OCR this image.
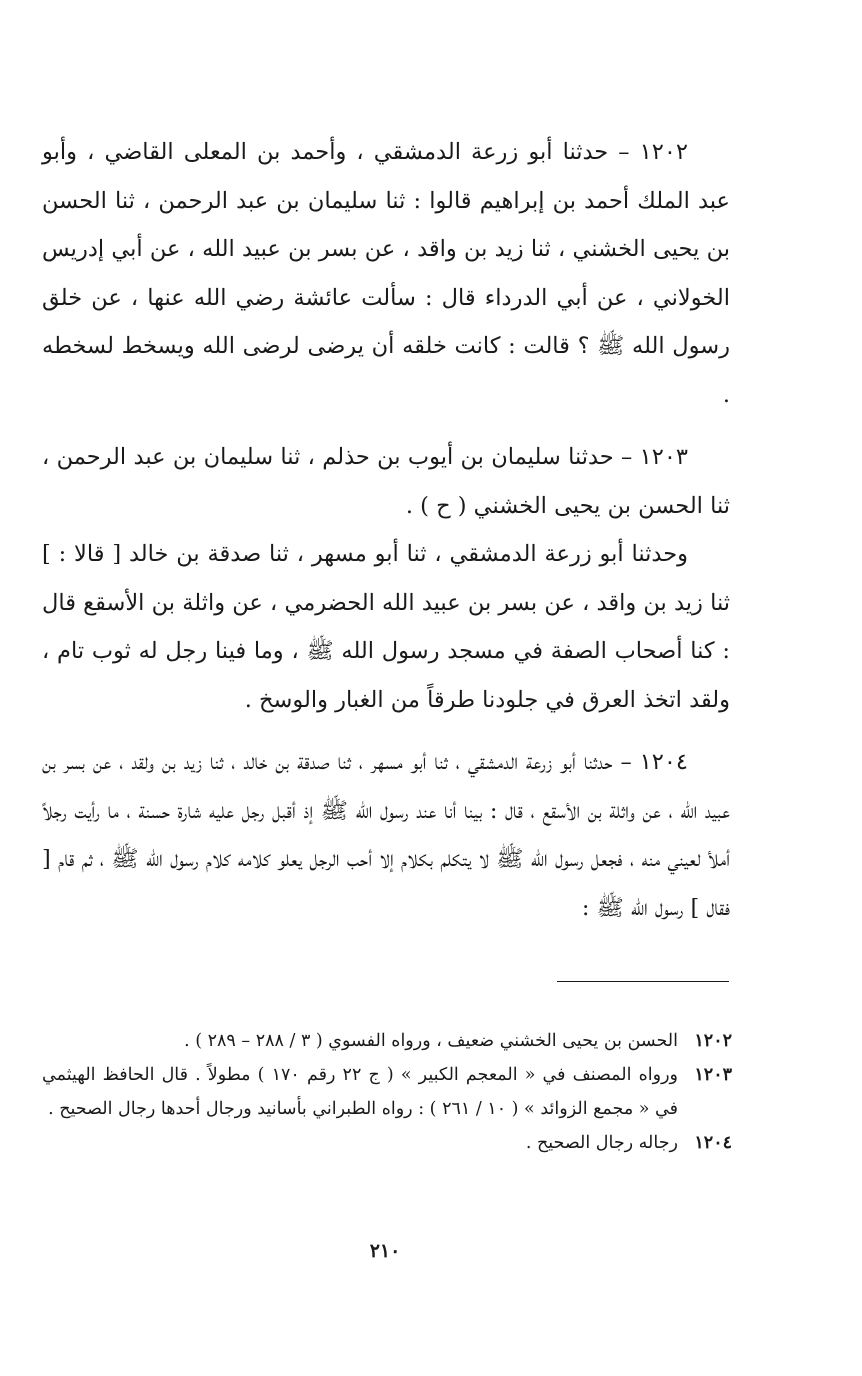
١٢٠٢ – حدثنا أبو زرعة الدمشقي ، وأحمد بن المعلى القاضي ، وأبو عبد الملك أحمد بن إبراهيم قالوا : ثنا سليمان بن عبد الرحمن ، ثنا الحسن بن يحيى الخشني ، ثنا زيد بن واقد ، عن بسر بن عبيد الله ، عن أبي إدريس الخولاني ، عن أبي الدرداء قال : سألت عائشة رضي الله عنها ، عن خلق رسول الله ﷺ ؟ قالت : كانت خلقه أن يرضى لرضى الله ويسخط لسخطه .

١٢٠٣ – حدثنا سليمان بن أيوب بن حذلم ، ثنا سليمان بن عبد الرحمن ، ثنا الحسن بن يحيى الخشني ( ح ) .

وحدثنا أبو زرعة الدمشقي ، ثنا أبو مسهر ، ثنا صدقة بن خالد [ قالا : ] ثنا زيد بن واقد ، عن بسر بن عبيد الله الحضرمي ، عن واثلة بن الأسقع قال : كنا أصحاب الصفة في مسجد رسول الله ﷺ ، وما فينا رجل له ثوب تام ، ولقد اتخذ العرق في جلودنا طرقاً من الغبار والوسخ .

١٢٠٤ – حدثنا أبو زرعة الدمشقي ، ثنا أبو مسهر ، ثنا صدقة بن خالد ، ثنا زيد بن ولقد ، عن بسر بن عبيد الله ، عن واثلة بن الأسقع ، قال : بينا أنا عند رسول الله ﷺ إذ أقبل رجل عليه شارة حسنة ، ما رأيت رجلاً أملأ لعيني منه ، فجعل رسول الله ﷺ لا يتكلم بكلام إلا أحب الرجل يعلو كلامه كلام رسول الله ﷺ ، ثم قام [ فقال ] رسول الله ﷺ :

١٢٠٢
الحسن بن يحيى الخشني ضعيف ، ورواه الفسوي ( ٣ / ٢٨٨ – ٢٨٩ ) .

١٢٠٣
ورواه المصنف في « المعجم الكبير » ( ج ٢٢ رقم ١٧٠ ) مطولاً . قال الحافظ الهيثمي في « مجمع الزوائد » ( ١٠ / ٢٦١ ) : رواه الطبراني بأسانيد ورجال أحدها رجال الصحيح .

١٢٠٤
رجاله رجال الصحيح .

٢١٠
